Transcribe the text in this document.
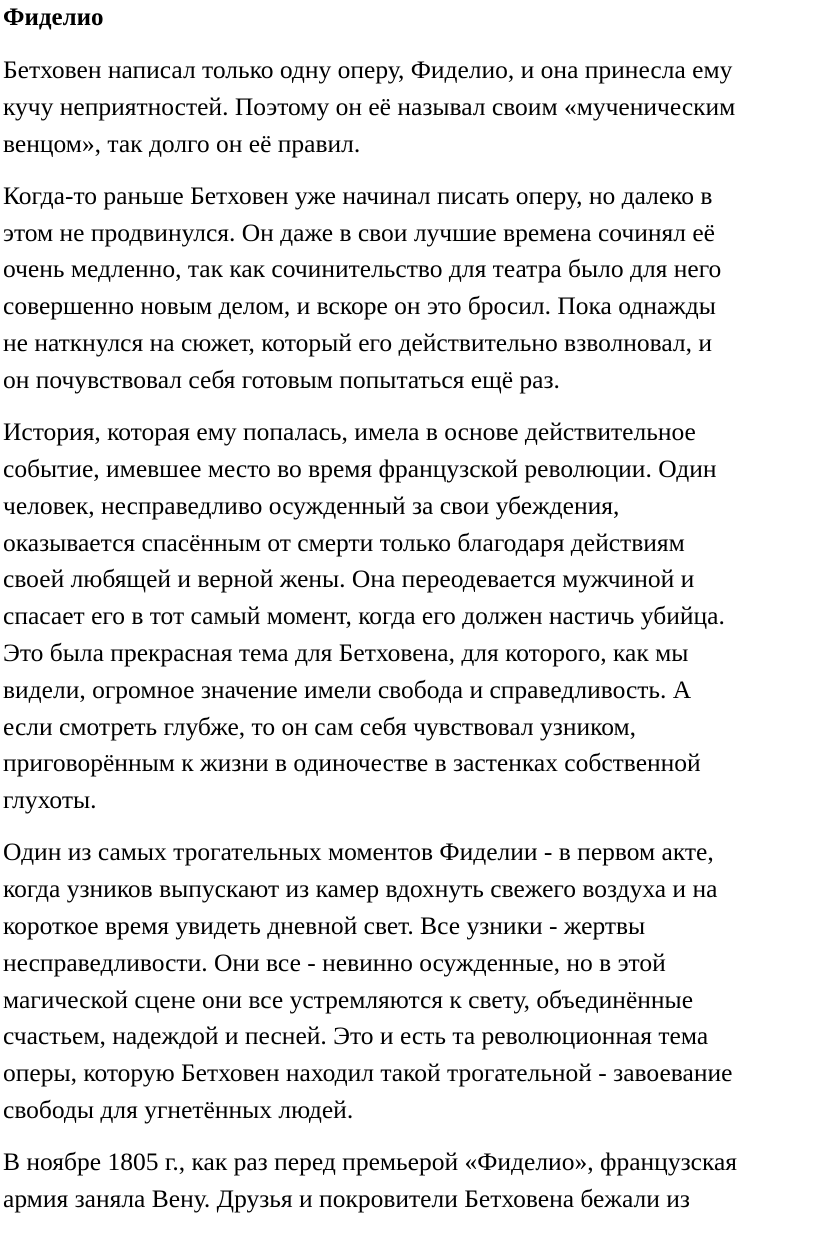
Фиделио
Бетховен написал только одну оперу, Фиделио, и она принесла ему
кучу неприятностей. Поэтому он её называл своим «мученическим
венцом», так долго он её правил.
Когда-то раньше Бетховен уже начинал писать оперу, но далеко в
этом не продвинулся. Он даже в свои лучшие времена сочинял её
очень медленно, так как сочинительство для театра было для него
совершенно новым делом, и вскоре он это бросил. Пока однажды
не наткнулся на сюжет, который его действительно взволновал, и
он почувствовал себя готовым попытаться ещё раз.
История, которая ему попалась, имела в основе действительное
событие, имевшее место во время французской революции. Один
человек, несправедливо осужденный за свои убеждения,
оказывается спасённым от смерти только благодаря действиям
своей любящей и верной жены. Она переодевается мужчиной и
спасает его в тот самый момент, когда его должен настичь убийца.
Это была прекрасная тема для Бетховена, для которого, как мы
видели, огромное значение имели свобода и справедливость. А
если смотреть глубже, то он сам себя чувствовал узником,
приговорённым к жизни в одиночестве в застенках собственной
глухоты.
Один из самых трогательных моментов Фиделии - в первом акте,
когда узников выпускают из камер вдохнуть свежего воздуха и на
короткое время увидеть дневной свет. Все узники - жертвы
несправедливости. Они все - невинно осужденные, но в этой
магической сцене они все устремляются к свету, объединённые
счастьем, надеждой и песней. Это и есть та революционная тема
оперы, которую Бетховен находил такой трогательной - завоевание
свободы для угнетённых людей.
В ноябре 1805 г., как раз перед премьерой «Фиделио», французская
армия заняла Вену. Друзья и покровители Бетховена бежали из
